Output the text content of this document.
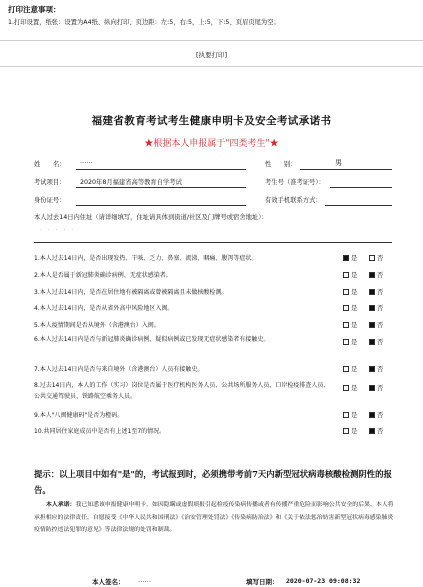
打印注意事项：
1.打印设置，纸张：设置为A4纸、纵向打印、页边距：左:5，右:5，上:5，下:5、页眉页尾为空；
[执要打印]
福建省教育考试考生健康申明卡及安全考试承诺书
★根据本人申报属于"四类考生"★
姓　　名： ……	性　　别：	男
考试项目： 2020年8月福建省高等教育自学考试	考生号（准考证号）：
身份证号：	有效手机联系方式：
本人过去14日内住址（请详细填写，住址请具体到街道/社区及门牌号或宿舍地址）：
· · · · ·
1.本人过去14日内，是否出现发热、干咳、乏力、鼻塞、流涕、咽痛、腹泻等症状。	是	否
2.本人是否属于新冠肺炎确诊病例、无症状感染者。	是	否
3.本人过去14日内，是否在居住地有被隔离或曾被隔离且未做核酸检测。	是	否
4.本人过去14日内，是否从省外高中风险地区入闽。	是	否
5.本人疫情期间是否从境外（含港澳台）入闽。	是	否
6.本人过去14日内是否与新冠肺炎确诊病例、疑似病例或已发现无症状感染者有接触史。	是	否
7.本人过去14日内是否与来自境外（含港澳台）人员有接触史。	是	否
8.过去14日内，本人的工作（实习）岗位是否属于医疗机构医务人员、公共场所服务人员、口岸检疫排查人员、公共交通驾驶员、铁路航空乘务人员。
是	否
9.本人"八闽健康码"是否为橙码。	是	否
10.共同居住家庭成员中是否有上述1至7的情况。	是	否
提示：以上项目中如有"是"的，考试报到时，必须携带考前7天内新型冠状病毒核酸检测阴性的报告。
本人承诺：我已知悉该申报健康申明卡，如因隐瞒或虚假填报引起检疫传染病传播或者有传播严重危险而影响公共安全的后果，本人将承担相应的法律责任，自愿接受《中华人民共和国刑法》《治安管理处罚法》《传染病防治法》和《关于依法惩治妨害新型冠状病毒感染肺炎疫情防控违法犯罪的意见》等法律法规的处罚和制裁。
本人签名： ……	填写日期： 2020-07-23 09:08:32
